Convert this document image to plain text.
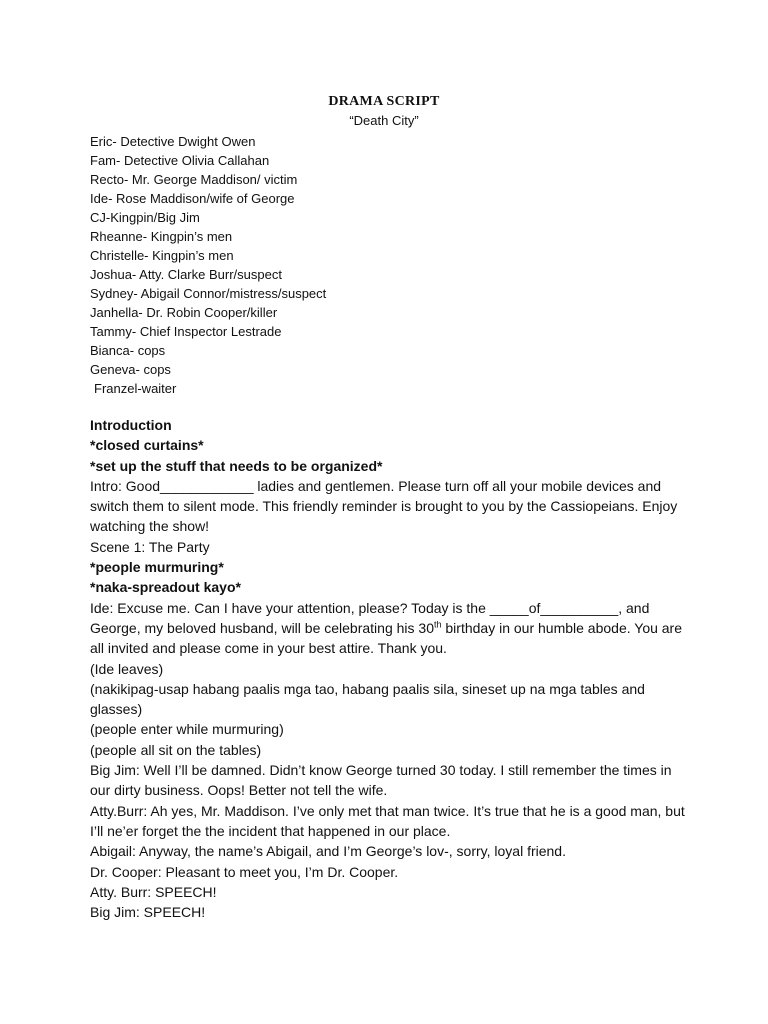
DRAMA SCRIPT
“Death City”
Eric- Detective Dwight Owen
Fam- Detective Olivia Callahan
Recto- Mr. George Maddison/ victim
Ide- Rose Maddison/wife of George
CJ-Kingpin/Big Jim
Rheanne- Kingpin’s men
Christelle- Kingpin’s men
Joshua- Atty. Clarke Burr/suspect
Sydney- Abigail Connor/mistress/suspect
Janhella- Dr. Robin Cooper/killer
Tammy- Chief Inspector Lestrade
Bianca- cops
Geneva- cops
Franzel-waiter

Introduction

*closed curtains*

*set up the stuff that needs to be organized*

Intro: Good____________ ladies and gentlemen. Please turn off all your mobile devices and switch them to silent mode. This friendly reminder is brought to you by the Cassiopeians. Enjoy watching the show!

Scene 1: The Party

*people murmuring*

*naka-spreadout kayo*

Ide: Excuse me. Can I have your attention, please? Today is the _____of__________, and George, my beloved husband, will be celebrating his 30th birthday in our humble abode. You are all invited and please come in your best attire. Thank you.

(Ide leaves)

(nakikipag-usap habang paalis mga tao, habang paalis sila, sineset up na mga tables and glasses)

(people enter while murmuring)

(people all sit on the tables)

Big Jim: Well I’ll be damned. Didn’t know George turned 30 today. I still remember the times in our dirty business. Oops! Better not tell the wife.

Atty.Burr: Ah yes, Mr. Maddison. I’ve only met that man twice. It’s true that he is a good man, but I’ll ne’er forget the the incident that happened in our place.

Abigail: Anyway, the name’s Abigail, and I’m George’s lov-, sorry, loyal friend.

Dr. Cooper: Pleasant to meet you, I’m Dr. Cooper.

Atty. Burr: SPEECH!

Big Jim: SPEECH!
